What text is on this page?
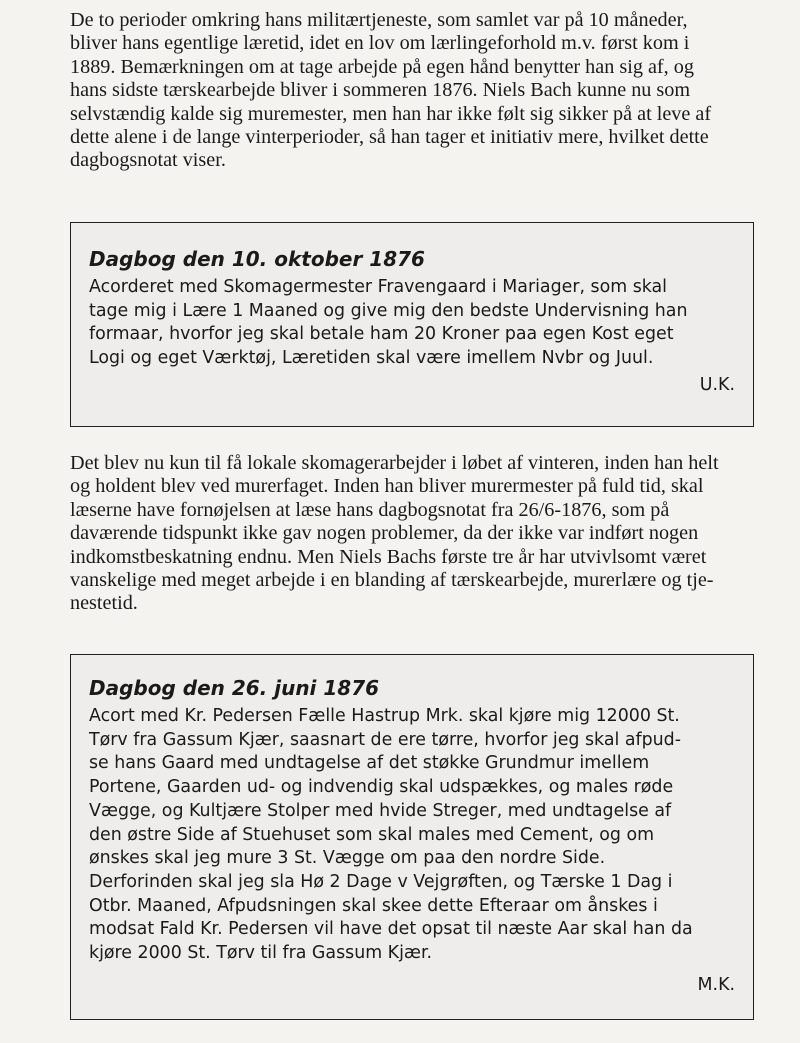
De to perioder omkring hans militærtjeneste, som samlet var på 10 måneder,
bliver hans egentlige læretid, idet en lov om lærlingeforhold m.v. først kom i
1889. Bemærkningen om at tage arbejde på egen hånd benytter han sig af, og
hans sidste tærskearbejde bliver i sommeren 1876. Niels Bach kunne nu som
selvstændig kalde sig muremester, men han har ikke følt sig sikker på at leve af
dette alene i de lange vinterperioder, så han tager et initiativ mere, hvilket dette
dagbogsnotat viser.

Dagbog den 10. oktober 1876

Acorderet med Skomagermester Fravengaard i Mariager, som skal
tage mig i Lære 1 Maaned og give mig den bedste Undervisning han
formaar, hvorfor jeg skal betale ham 20 Kroner paa egen Kost eget
Logi og eget Værktøj, Læretiden skal være imellem Nvbr og Juul.

U.K.

Det blev nu kun til få lokale skomagerarbejder i løbet af vinteren, inden han helt
og holdent blev ved murerfaget. Inden han bliver murermester på fuld tid, skal
læserne have fornøjelsen at læse hans dagbogsnotat fra 26/6-1876, som på
daværende tidspunkt ikke gav nogen problemer, da der ikke var indført nogen
indkomstbeskatning endnu. Men Niels Bachs første tre år har utvivlsomt været
vanskelige med meget arbejde i en blanding af tærskearbejde, murerlære og tje-
nestetid.

Dagbog den 26. juni 1876

Acort med Kr. Pedersen Fælle Hastrup Mrk. skal kjøre mig 12000 St.
Tørv fra Gassum Kjær, saasnart de ere tørre, hvorfor jeg skal afpud-
se hans Gaard med undtagelse af det støkke Grundmur imellem
Portene, Gaarden ud- og indvendig skal udspækkes, og males røde
Vægge, og Kultjære Stolper med hvide Streger, med undtagelse af
den østre Side af Stuehuset som skal males med Cement, og om
ønskes skal jeg mure 3 St. Vægge om paa den nordre Side.
Derforinden skal jeg sla Hø 2 Dage v Vejgrøften, og Tærske 1 Dag i
Otbr. Maaned, Afpudsningen skal skee dette Efteraar om ånskes i
modsat Fald Kr. Pedersen vil have det opsat til næste Aar skal han da
kjøre 2000 St. Tørv til fra Gassum Kjær.

M.K.
